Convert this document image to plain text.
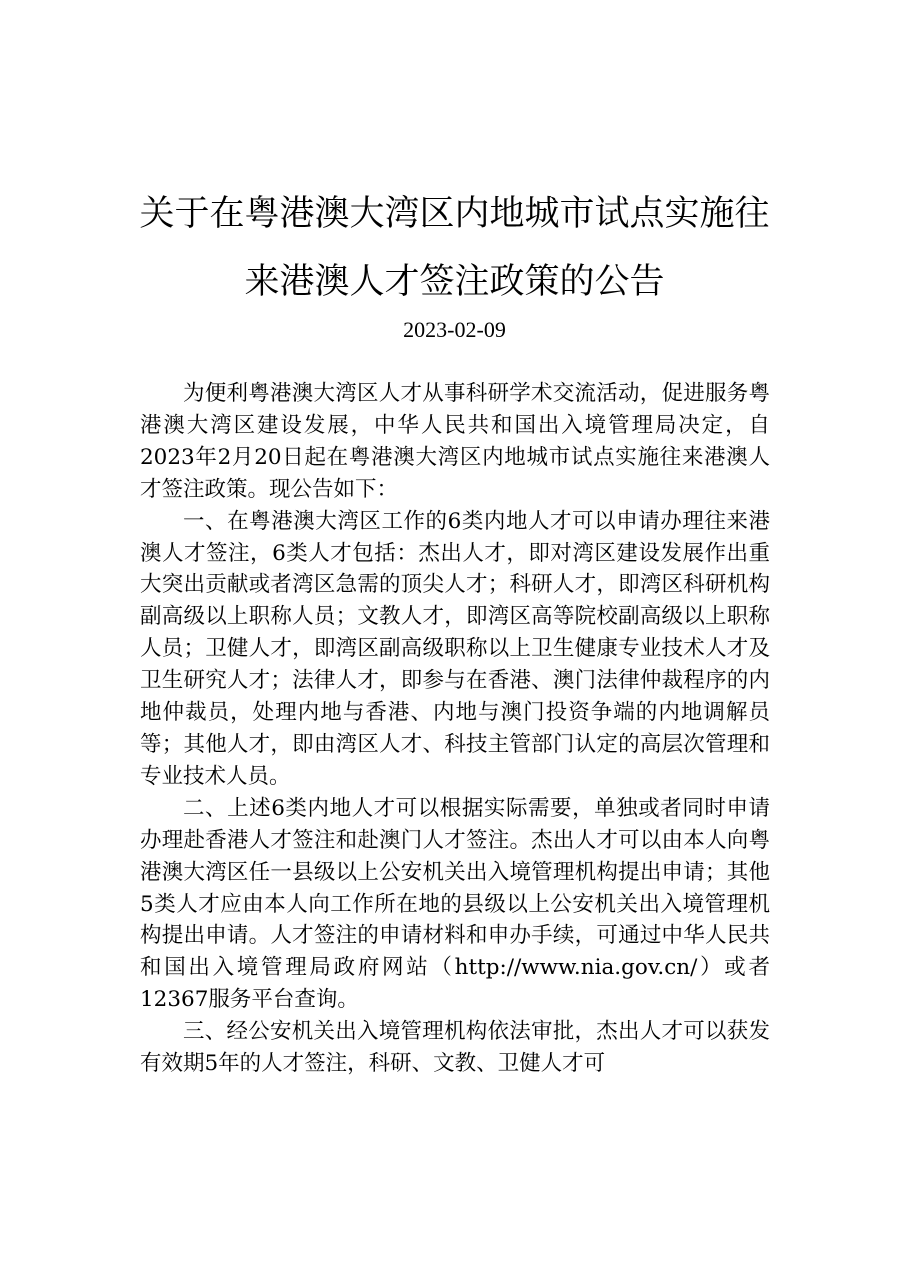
关于在粤港澳大湾区内地城市试点实施往
来港澳人才签注政策的公告
2023-02-09

为便利粤港澳大湾区人才从事科研学术交流活动，促进服务粤港澳大湾区建设发展，中华人民共和国出入境管理局决定，自2023年2月20日起在粤港澳大湾区内地城市试点实施往来港澳人才签注政策。现公告如下：

一、在粤港澳大湾区工作的6类内地人才可以申请办理往来港澳人才签注，6类人才包括：杰出人才，即对湾区建设发展作出重大突出贡献或者湾区急需的顶尖人才；科研人才，即湾区科研机构副高级以上职称人员；文教人才，即湾区高等院校副高级以上职称人员；卫健人才，即湾区副高级职称以上卫生健康专业技术人才及卫生研究人才；法律人才，即参与在香港、澳门法律仲裁程序的内地仲裁员，处理内地与香港、内地与澳门投资争端的内地调解员等；其他人才，即由湾区人才、科技主管部门认定的高层次管理和专业技术人员。

二、上述6类内地人才可以根据实际需要，单独或者同时申请办理赴香港人才签注和赴澳门人才签注。杰出人才可以由本人向粤港澳大湾区任一县级以上公安机关出入境管理机构提出申请；其他5类人才应由本人向工作所在地的县级以上公安机关出入境管理机构提出申请。人才签注的申请材料和申办手续，可通过中华人民共和国出入境管理局政府网站（http://www.nia.gov.cn/）或者12367服务平台查询。

三、经公安机关出入境管理机构依法审批，杰出人才可以获发有效期5年的人才签注，科研、文教、卫健人才可
